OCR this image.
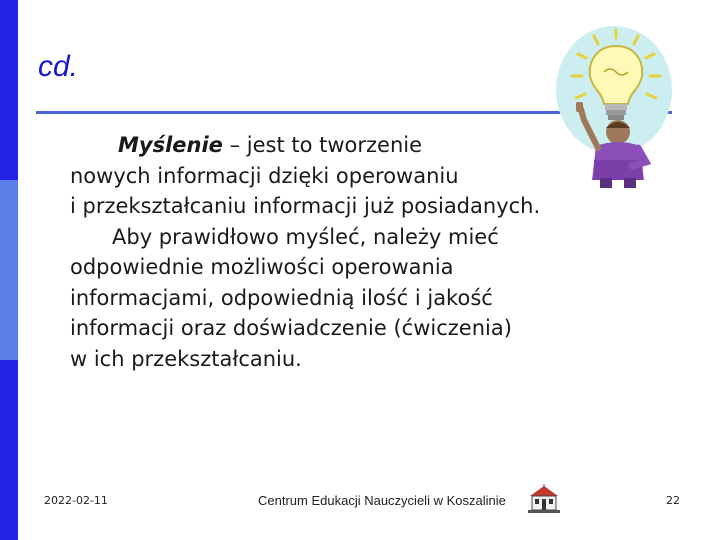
cd.

Myślenie – jest to tworzenie

nowych informacji dzięki operowaniu

i przekształcaniu informacji już posiadanych.

Aby prawidłowo myśleć, należy mieć

odpowiednie możliwości operowania

informacjami, odpowiednią ilość i jakość

informacji oraz doświadczenie (ćwiczenia)

w ich przekształcaniu.

2022-02-11	Centrum Edukacji Nauczycieli w Koszalinie	22
